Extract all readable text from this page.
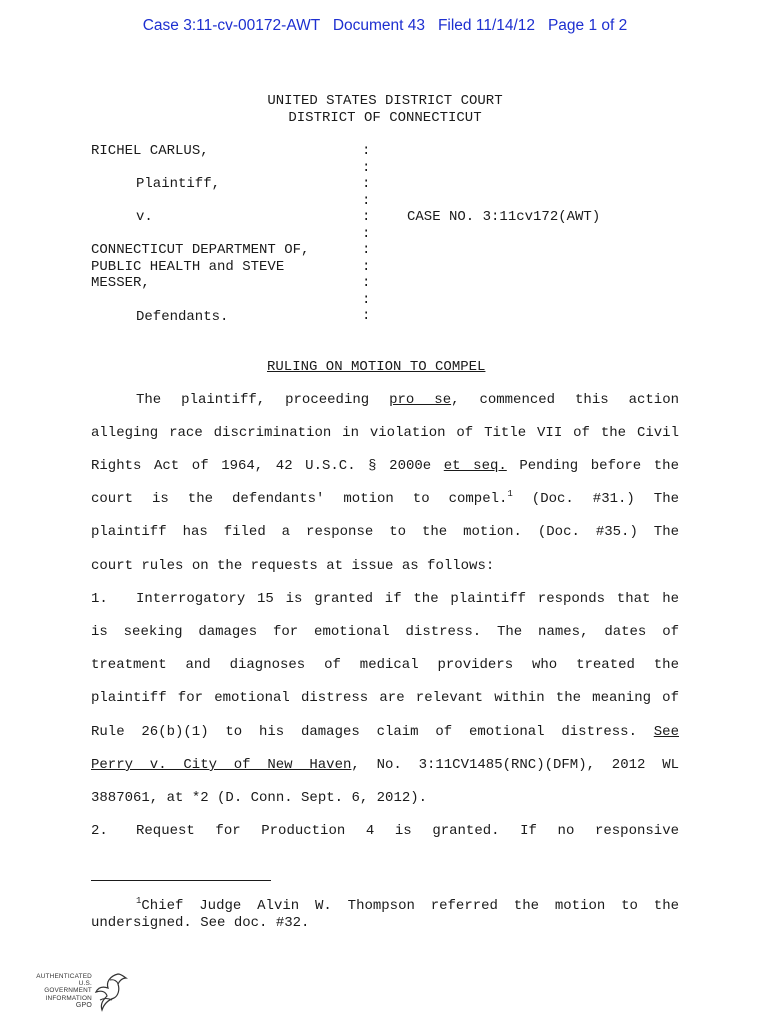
Case 3:11-cv-00172-AWT Document 43 Filed 11/14/12 Page 1 of 2
UNITED STATES DISTRICT COURT
DISTRICT OF CONNECTICUT
RICHEL CARLUS,
Plaintiff,
v.
CONNECTICUT DEPARTMENT OF,
PUBLIC HEALTH and STEVE
MESSER,
Defendants.
:
:
:
:
:
:
:
:
:
:
:
CASE NO. 3:11cv172(AWT)
RULING ON MOTION TO COMPEL
The plaintiff, proceeding pro se, commenced this action
alleging race discrimination in violation of Title VII of the Civil
Rights Act of 1964, 42 U.S.C. § 2000e et seq. Pending before the
court is the defendants' motion to compel.$^1$ (Doc. #31.) The
plaintiff has filed a response to the motion. (Doc. #35.) The
court rules on the requests at issue as follows:
1. Interrogatory 15 is granted if the plaintiff responds that he
is seeking damages for emotional distress. The names, dates of
treatment and diagnoses of medical providers who treated the
plaintiff for emotional distress are relevant within the meaning of
Rule 26(b)(1) to his damages claim of emotional distress. See
Perry v. City of New Haven, No. 3:11CV1485(RNC)(DFM), 2012 WL
3887061, at *2 (D. Conn. Sept. 6, 2012).
2. Request for Production 4 is granted. If no responsive
$^1$Chief Judge Alvin W. Thompson referred the motion to the
undersigned. See doc. #32.
AUTHENTICATED
U.S. GOVERNMENT
INFORMATION
GPO
